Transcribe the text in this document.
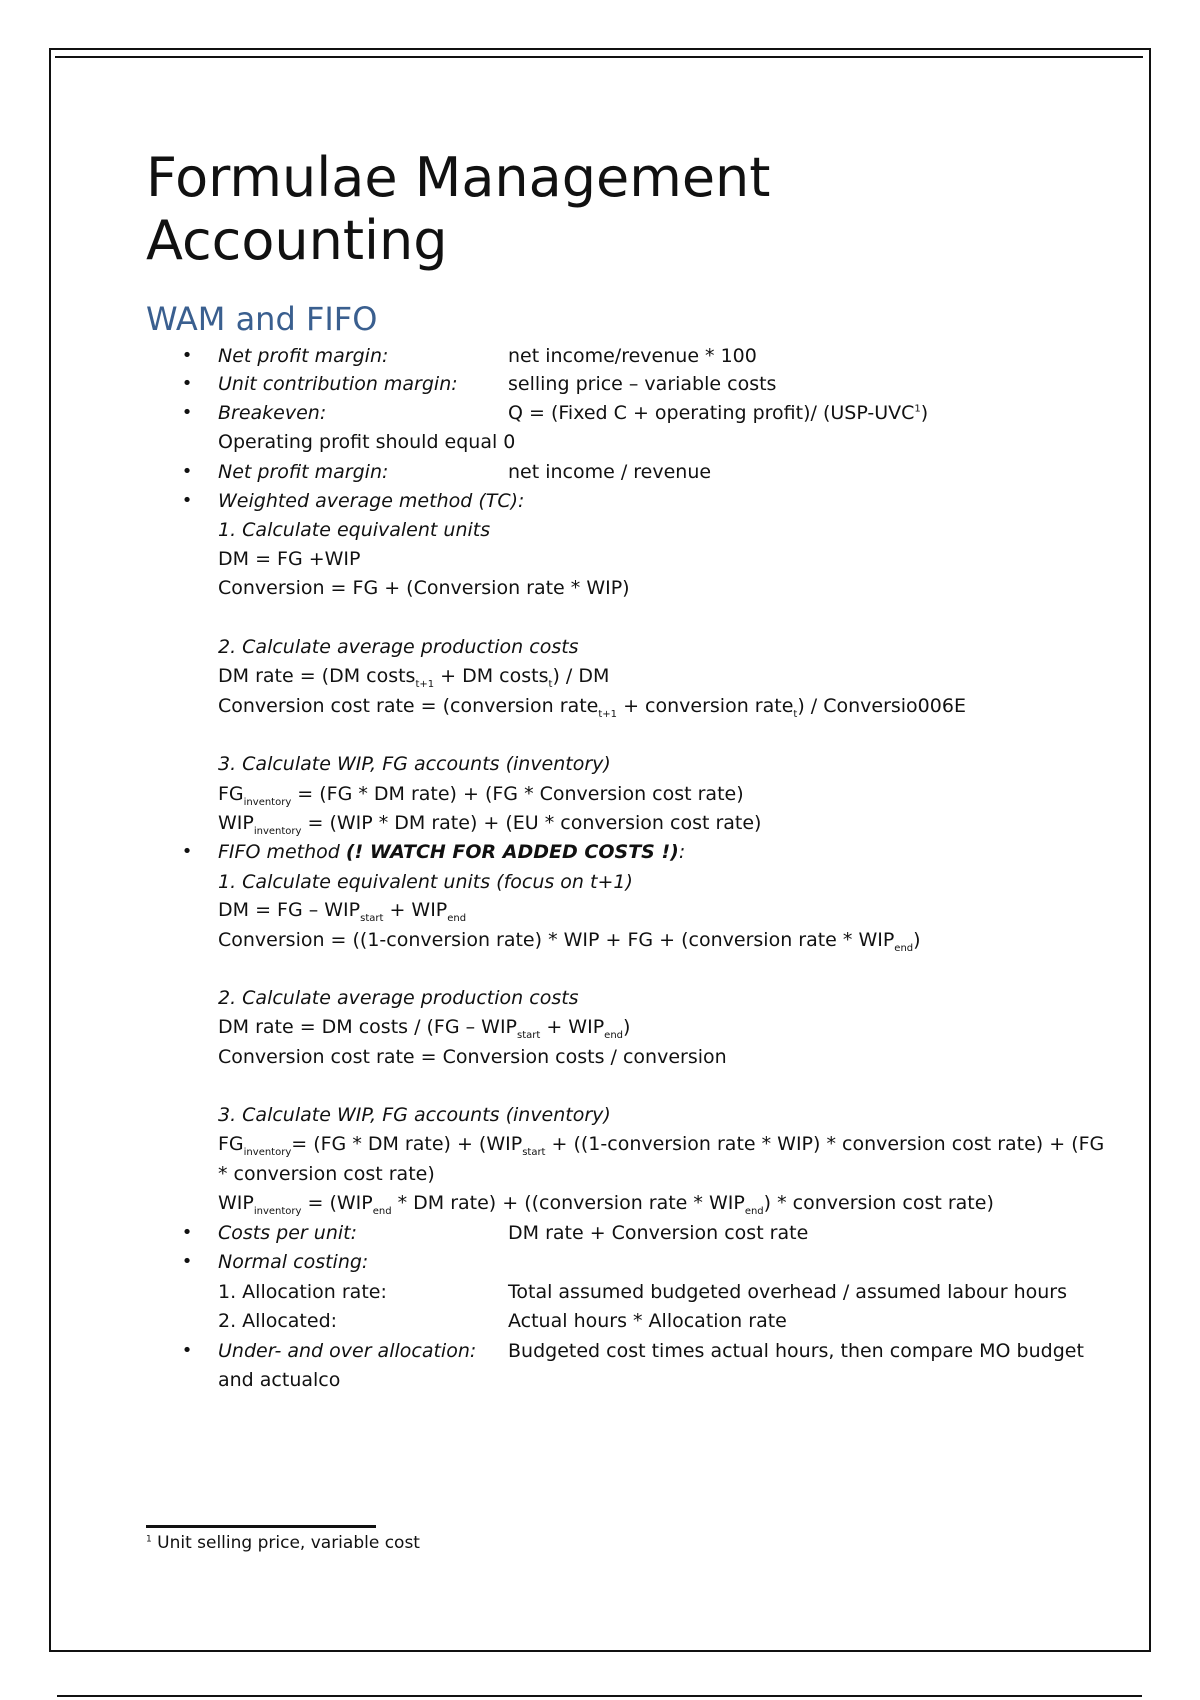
Formulae Management Accounting
WAM and FIFO
• Net profit margin:	net income/revenue * 100
• Unit contribution margin:	selling price – variable costs
• Breakeven:	Q = (Fixed C + operating profit)/ (USP-UVC$^1$)
Operating profit should equal 0
• Net profit margin:	net income / revenue
• Weighted average method (TC):
1. Calculate equivalent units
DM = FG +WIP
Conversion = FG + (Conversion rate * WIP)
2. Calculate average production costs
DM rate = (DM costs$_{t+1}$ + DM costs$_t$) / DM
Conversion cost rate = (conversion rate$_{t+1}$ + conversion rate$_t$) / Conversio006E
3. Calculate WIP, FG accounts (inventory)
$FG_{inventory} = (FG$ * DM rate) + (FG * Conversion cost rate)
$WIP_{inventory} = (WIP$ * DM rate) + (EU * conversion cost rate)
• FIFO method (! WATCH FOR ADDED COSTS !):
1. Calculate equivalent units (focus on t+1)
DM = FG – $WIP_{start} + WIP_{end}$
Conversion = ((1-conversion rate) * WIP + FG + (conversion rate * $WIP_{end}$)
2. Calculate average production costs
DM rate = DM costs / $(FG - WIP_{start} + WIP_{end})$
Conversion cost rate = Conversion costs / conversion
3. Calculate WIP, FG accounts (inventory)
$FG_{inventory}= (FG$ * DM rate) + ($WIP_{start}$ + ((1-conversion rate * WIP) * conversion cost rate) + (FG
* conversion cost rate)
$WIP_{inventory} = (WIP_{end}$ * DM rate) + ((conversion rate * $WIP_{end}$) * conversion cost rate)
• Costs per unit:	DM rate + Conversion cost rate
• Normal costing:
1. Allocation rate:	Total assumed budgeted overhead / assumed labour hours
2. Allocated:	Actual hours * Allocation rate
• Under- and over allocation: Budgeted cost times actual hours, then compare MO budget
and actualco
$^1$ Unit selling price, variable cost
